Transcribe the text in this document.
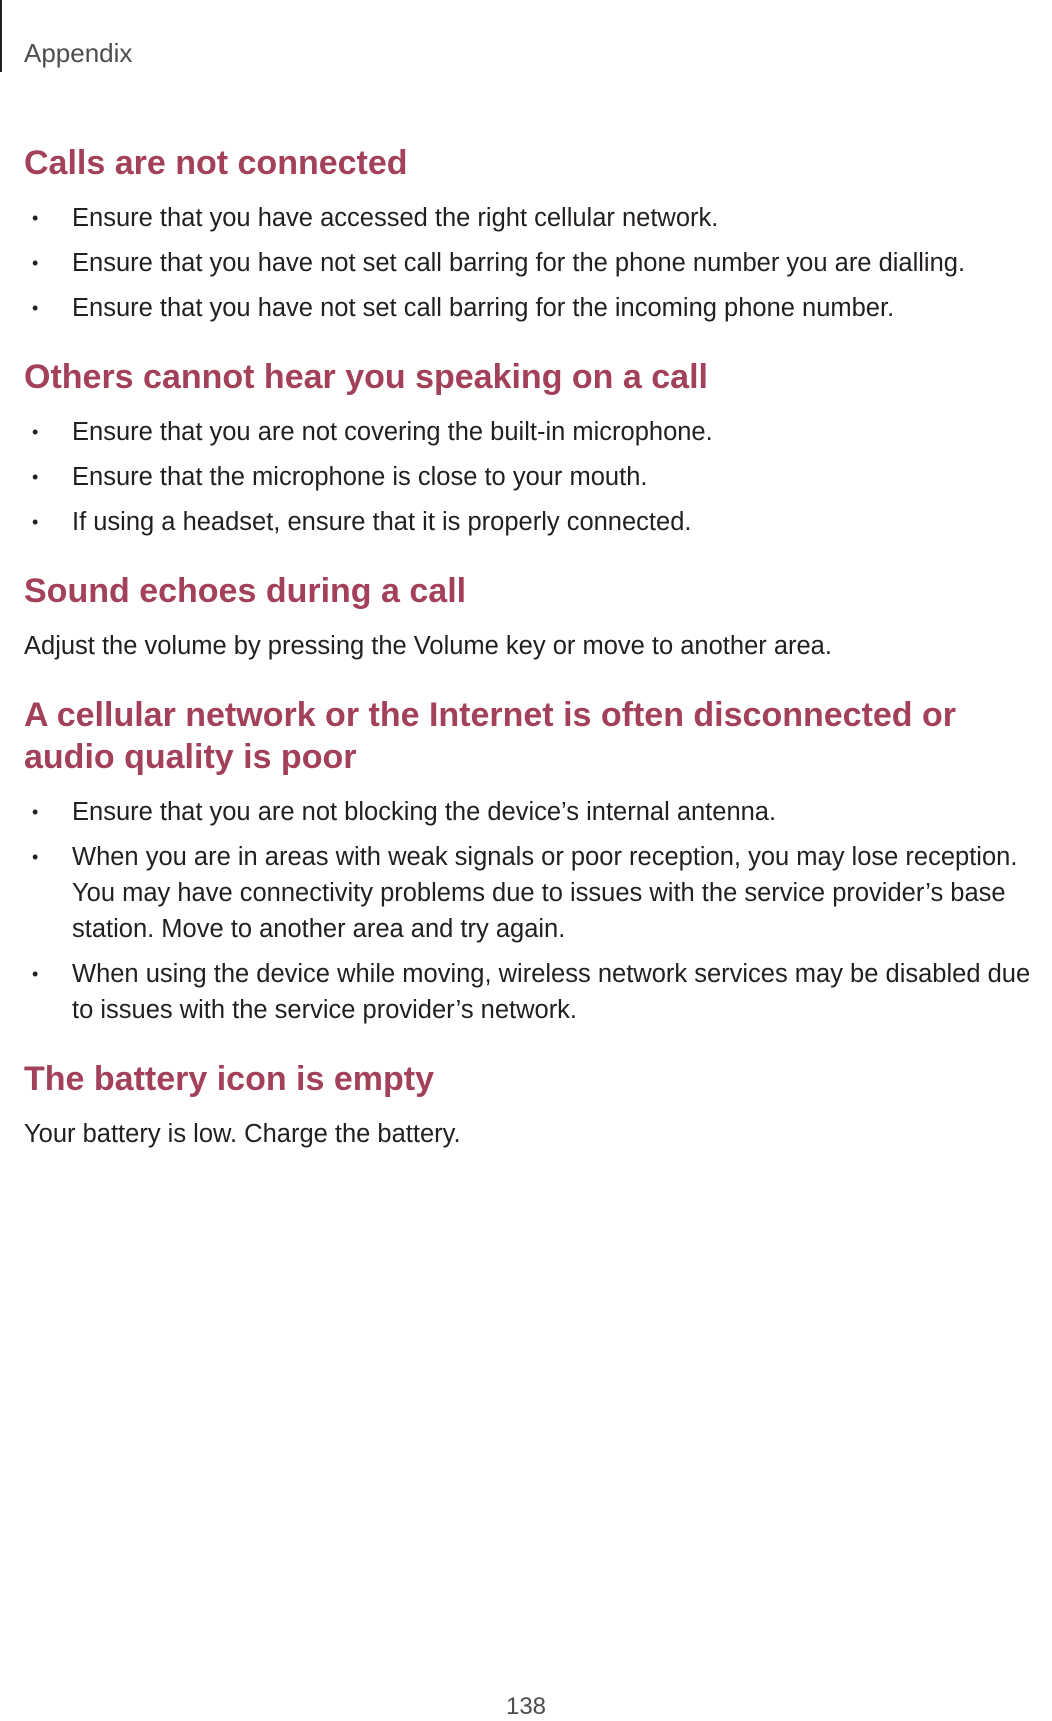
Appendix
Calls are not connected
• Ensure that you have accessed the right cellular network.
• Ensure that you have not set call barring for the phone number you are dialling.
• Ensure that you have not set call barring for the incoming phone number.
Others cannot hear you speaking on a call
• Ensure that you are not covering the built-in microphone.
• Ensure that the microphone is close to your mouth.
• If using a headset, ensure that it is properly connected.
Sound echoes during a call

Adjust the volume by pressing the Volume key or move to another area.

A cellular network or the Internet is often disconnected or audio quality is poor
• Ensure that you are not blocking the device’s internal antenna.
• When you are in areas with weak signals or poor reception, you may lose reception. You may have connectivity problems due to issues with the service provider’s base station. Move to another area and try again.
• When using the device while moving, wireless network services may be disabled due to issues with the service provider’s network.
The battery icon is empty

Your battery is low. Charge the battery.

138
